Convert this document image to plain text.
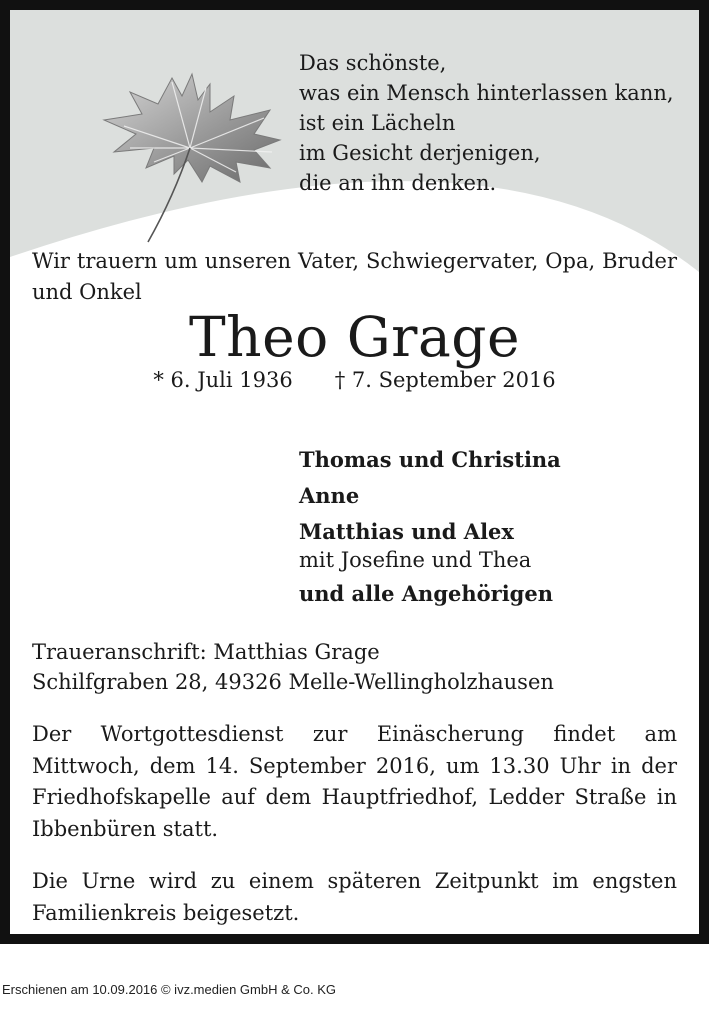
Das schönste,
was ein Mensch hinterlassen kann,
ist ein Lächeln
im Gesicht derjenigen,
die an ihn denken.
Wir trauern um unseren Vater, Schwiegervater, Opa, Bruder und Onkel
Theo Grage
* 6. Juli 1936 † 7. September 2016
Thomas und Christina
Anne
Matthias und Alex
mit Josefine und Thea
und alle Angehörigen
Traueranschrift: Matthias Grage
Schilfgraben 28, 49326 Melle-Wellingholzhausen
Der Wortgottesdienst zur Einäscherung findet am Mittwoch, dem 14. September 2016, um 13.30 Uhr in der Friedhofskapelle auf dem Hauptfriedhof, Ledder Straße in Ibbenbüren statt.
Die Urne wird zu einem späteren Zeitpunkt im engsten Familienkreis beigesetzt.
Erschienen am 10.09.2016 © ivz.medien GmbH & Co. KG
